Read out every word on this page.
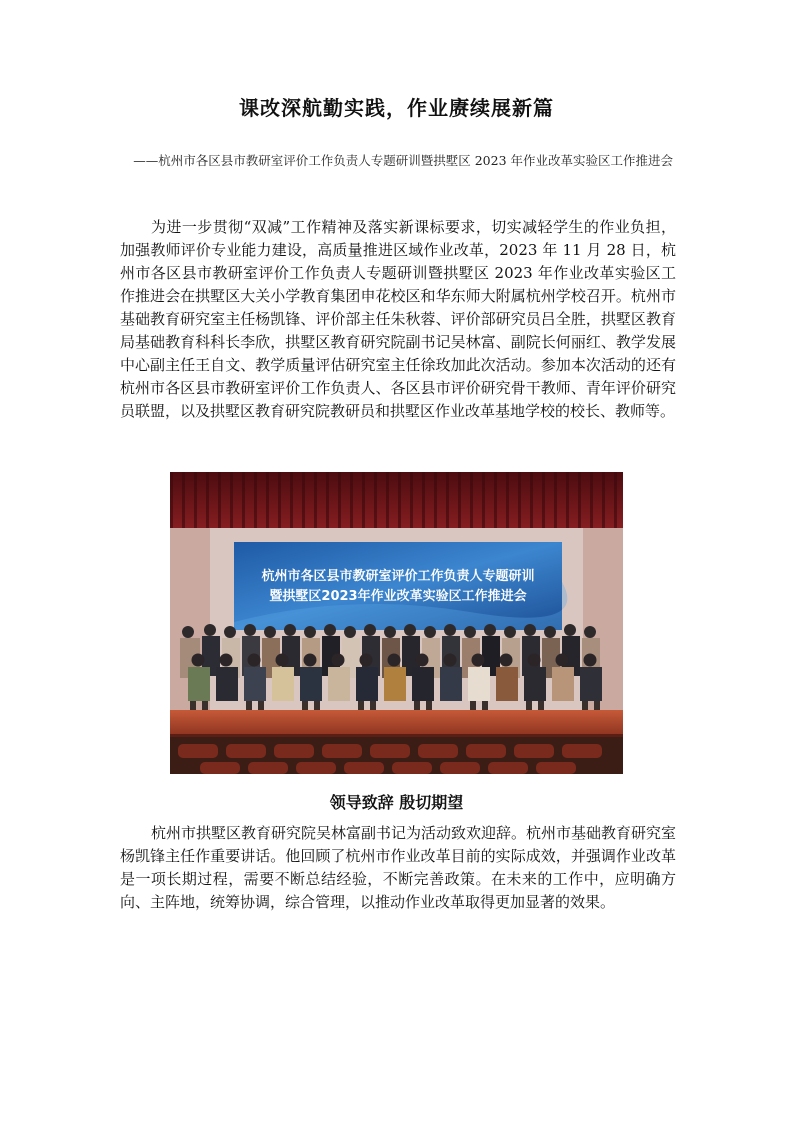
课改深航勤实践，作业赓续展新篇

——杭州市各区县市教研室评价工作负责人专题研训暨拱墅区 2023 年作业改革实验区工作推进会

为进一步贯彻“双减”工作精神及落实新课标要求，切实减轻学生的作业负担，加强教师评价专业能力建设，高质量推进区域作业改革，2023 年 11 月 28 日，杭州市各区县市教研室评价工作负责人专题研训暨拱墅区 2023 年作业改革实验区工作推进会在拱墅区大关小学教育集团申花校区和华东师大附属杭州学校召开。杭州市基础教育研究室主任杨凯锋、评价部主任朱秋蓉、评价部研究员吕全胜，拱墅区教育局基础教育科科长李欣，拱墅区教育研究院副书记吴林富、副院长何丽红、教学发展中心副主任王自文、教学质量评估研究室主任徐玫加此次活动。参加本次活动的还有杭州市各区县市教研室评价工作负责人、各区县市评价研究骨干教师、青年评价研究员联盟，以及拱墅区教育研究院教研员和拱墅区作业改革基地学校的校长、教师等。

杭州市各区县市教研室评价工作负责人专题研训
暨拱墅区2023年作业改革实验区工作推进会
领导致辞 殷切期望

杭州市拱墅区教育研究院吴林富副书记为活动致欢迎辞。杭州市基础教育研究室杨凯锋主任作重要讲话。他回顾了杭州市作业改革目前的实际成效，并强调作业改革是一项长期过程，需要不断总结经验，不断完善政策。在未来的工作中，应明确方向、主阵地，统筹协调，综合管理，以推动作业改革取得更加显著的效果。
